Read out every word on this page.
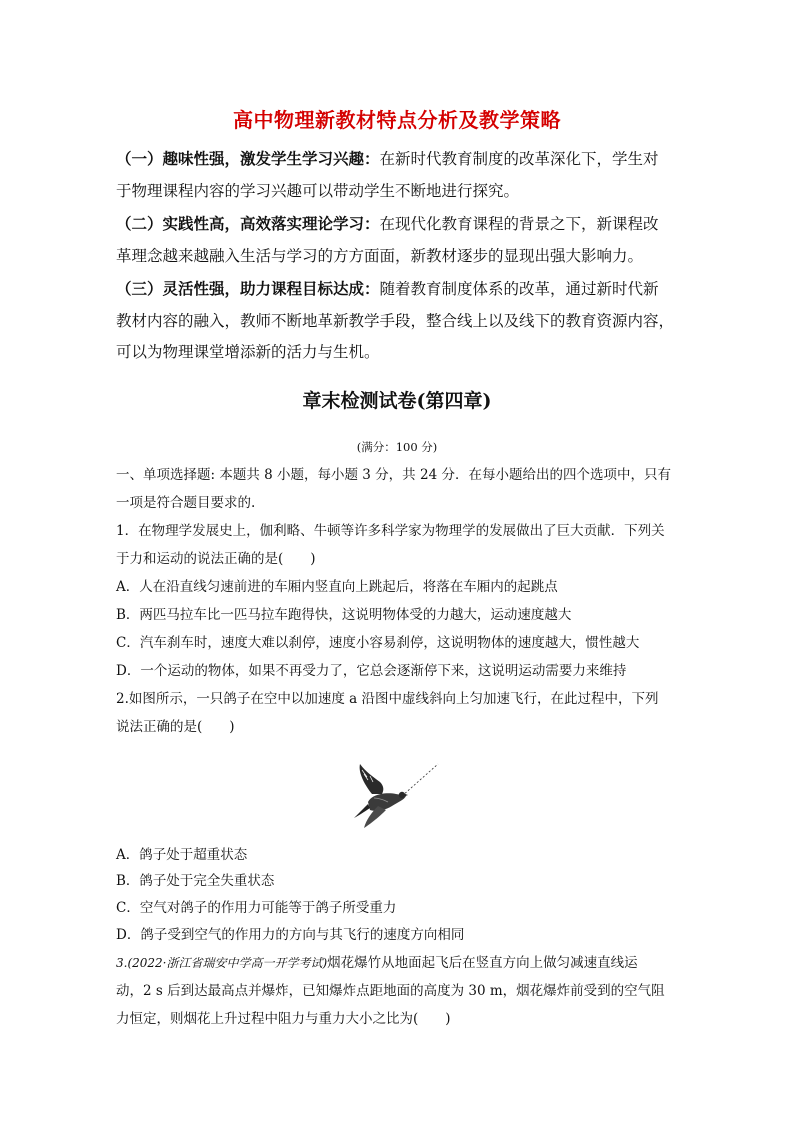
高中物理新教材特点分析及教学策略

（一）趣味性强，激发学生学习兴趣：在新时代教育制度的改革深化下，学生对

于物理课程内容的学习兴趣可以带动学生不断地进行探究。

（二）实践性高，高效落实理论学习：在现代化教育课程的背景之下，新课程改

革理念越来越融入生活与学习的方方面面，新教材逐步的显现出强大影响力。

（三）灵活性强，助力课程目标达成：随着教育制度体系的改革，通过新时代新

教材内容的融入，教师不断地革新教学手段，整合线上以及线下的教育资源内容，

可以为物理课堂增添新的活力与生机。

章末检测试卷(第四章)
(满分：100 分)
一、单项选择题: 本题共 8 小题，每小题 3 分，共 24 分．在每小题给出的四个选项中，只有
一项是符合题目要求的.
1．在物理学发展史上，伽利略、牛顿等许多科学家为物理学的发展做出了巨大贡献．下列关
于力和运动的说法正确的是(　　)
A．人在沿直线匀速前进的车厢内竖直向上跳起后，将落在车厢内的起跳点
B．两匹马拉车比一匹马拉车跑得快，这说明物体受的力越大，运动速度越大
C．汽车刹车时，速度大难以刹停，速度小容易刹停，这说明物体的速度越大，惯性越大
D．一个运动的物体，如果不再受力了，它总会逐渐停下来，这说明运动需要力来维持
2.如图所示，一只鸽子在空中以加速度 a 沿图中虚线斜向上匀加速飞行，在此过程中，下列
说法正确的是(　　)
A．鸽子处于超重状态
B．鸽子处于完全失重状态
C．空气对鸽子的作用力可能等于鸽子所受重力
D．鸽子受到空气的作用力的方向与其飞行的速度方向相同
3.(2022·浙江省瑞安中学高一开学考试)烟花爆竹从地面起飞后在竖直方向上做匀减速直线运
动，2 s 后到达最高点并爆炸，已知爆炸点距地面的高度为 30 m，烟花爆炸前受到的空气阻
力恒定，则烟花上升过程中阻力与重力大小之比为(　　)
